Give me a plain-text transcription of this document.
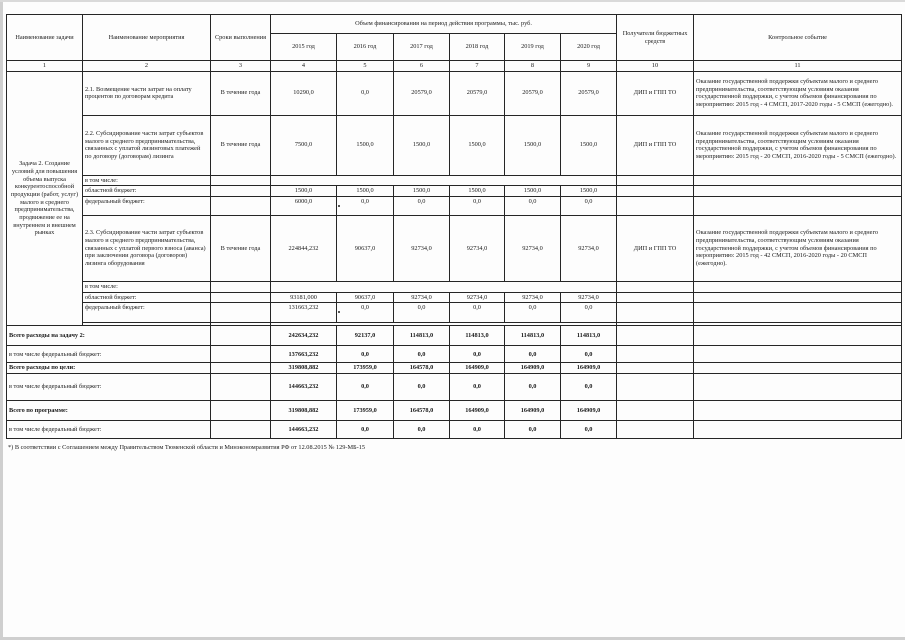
Наименование задачи	Наименование мероприятия	Сроки выполнения	Объем финансирования на период действия программы, тыс. руб.						Получатели бюджетных средств	Контрольное событие
			2015 год	2016 год	2017 год	2018 год	2019 год	2020 год		
1	2	3	4	5	6	7	8	9	10	11
Задача 2. Создание условий для повышения объема выпуска конкурентоспособной продукции (работ, услуг) малого и среднего предпринимательства, продвижение ее на внутреннем и внешнем рынках	2.1. Возмещение части затрат на оплату процентов по договорам кредита	В течение года	10290,0	0,0	20579,0	20579,0	20579,0	20579,0	ДИП и ГПП ТО	Оказание государственной поддержки субъектам малого и среднего предпринимательства, соответствующим условиям оказания государственной поддержки, с учетом объемов финансирования по мероприятию: 2015 год - 4 СМСП, 2017-2020 годы - 5 СМСП (ежегодно).
	2.2. Субсидирование части затрат субъектов малого и среднего предпринимательства, связанных с уплатой лизинговых платежей по договору (договорам) лизинга	В течение года	7500,0	1500,0	1500,0	1500,0	1500,0	1500,0	ДИП и ГПП ТО	Оказание государственной поддержки субъектам малого и среднего предпринимательства, соответствующим условиям оказания государственной поддержки, с учетом объемов финансирования по мероприятию: 2015 год - 20 СМСП, 2016-2020 годы - 5 СМСП (ежегодно).
	в том числе:									
	областной бюджет:		1500,0	1500,0	1500,0	1500,0	1500,0	1500,0		
	федеральный бюджет:		6000,0	0,0	0,0	0,0	0,0	0,0		
	2.3. Субсидирование части затрат субъектов малого и среднего предпринимательства, связанных с уплатой первого взноса (аванса) при заключении договора (договоров) лизинга оборудования	В течение года	224844,232	90637,0	92734,0	92734,0	92734,0	92734,0	ДИП и ГПП ТО	Оказание государственной поддержки субъектам малого и среднего предпринимательства, соответствующим условиям оказания государственной поддержки, с учетом объемов финансирования по мероприятию: 2015 год - 42 СМСП, 2016-2020 годы - 20 СМСП (ежегодно).
	в том числе:									
	областной бюджет:		93181,000	90637,0	92734,0	92734,0	92734,0	92734,0		
	федеральный бюджет:		131663,232	0,0	0,0	0,0	0,0	0,0		

Всего расходы на задачу 2:			242634,232	92137,0	114813,0	114813,0	114813,0	114813,0		
в том числе федеральный бюджет:			137663,232	0,0	0,0	0,0	0,0	0,0		
Всего расходы по цели:			319808,882	173959,0	164578,0	164909,0	164909,0	164909,0		
в том числе федеральный бюджет:			144663,232	0,0	0,0	0,0	0,0	0,0		
Всего по программе:			319808,882	173959,0	164578,0	164909,0	164909,0	164909,0		
в том числе федеральный бюджет:			144663,232	0,0	0,0	0,0	0,0	0,0		
*) В соответствии с Соглашением между Правительством Тюменской области и Минэкономразвития РФ от 12.08.2015 № 129-МБ-15
